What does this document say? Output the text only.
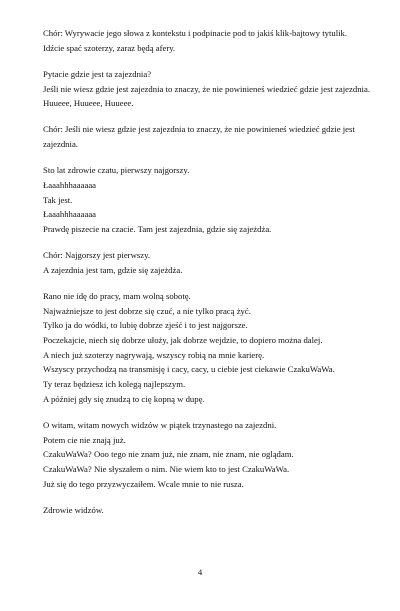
Chór: Wyrywacie jego słowa z kontekstu i podpinacie pod to jakiś klik-bajtowy tytulik.
Idźcie spać szoterzy, zaraz będą afery.
Pytacie gdzie jest ta zajezdnia?
Jeśli nie wiesz gdzie jest zajezdnia to znaczy, że nie powinieneś wiedzieć gdzie jest zajezdnia.
Huueee, Huueee, Huueee.
Chór: Jeśli nie wiesz gdzie jest zajezdnia to znaczy, że nie powinieneś wiedzieć gdzie jest
zajezdnia.
Sto lat zdrowie czatu, pierwszy najgorszy.
Łaaahhhaaaaaa
Tak jest.
Łaaahhhaaaaaa
Prawdę piszecie na czacie. Tam jest zajezdnia, gdzie się zajeżdża.
Chór: Najgorszy jest pierwszy.
A zajezdnia jest tam, gdzie się zajeżdża.
Rano nie idę do pracy, mam wolną sobotę.
Najważniejsze to jest dobrze się czuć, a nie tylko pracą żyć.
Tylko ja do wódki, to lubię dobrze zjeść i to jest najgorsze.
Poczekajcie, niech się dobrze ułoży, jak dobrze wejdzie, to dopiero można dalej.
A niech już szoterzy nagrywają, wszyscy robią na mnie karierę.
Wszyscy przychodzą na transmisję i cacy, cacy, u ciebie jest ciekawie CzakuWaWa.
Ty teraz będziesz ich kolegą najlepszym.
A później gdy się znudzą to cię kopną w dupę.
O witam, witam nowych widzów w piątek trzynastego na zajezdni.
Potem cie nie znają już.
CzakuWaWa? Ooo tego nie znam już, nie znam, nie znam, nie oglądam.
CzakuWaWa? Nie słyszałem o nim. Nie wiem kto to jest CzakuWaWa.
Już się do tego przyzwyczaiłem. Wcale mnie to nie rusza.
Zdrowie widzów.
4
